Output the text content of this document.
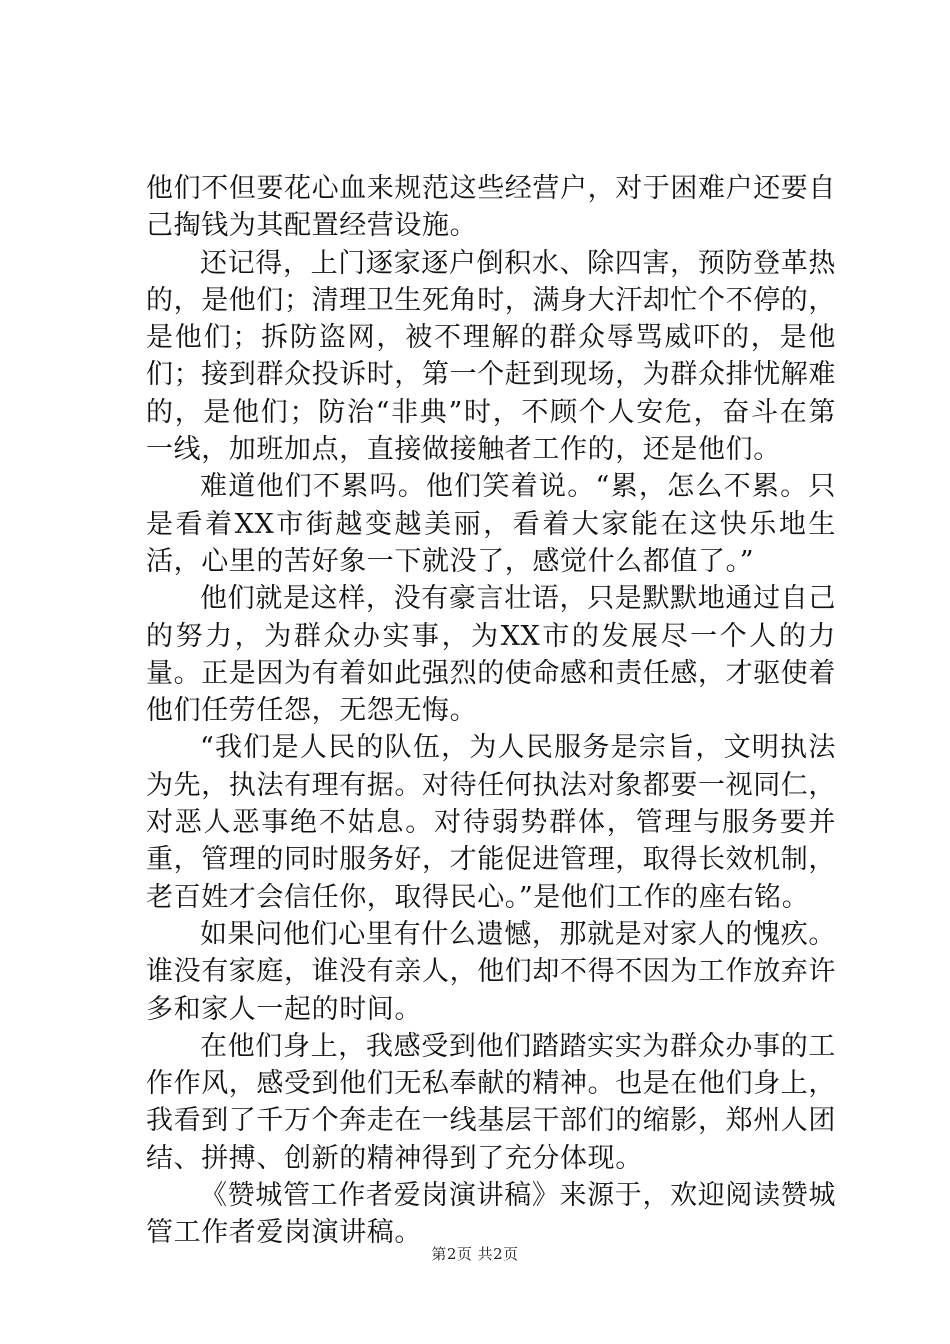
他们不但要花心血来规范这些经营户，对于困难户还要自己掏钱为其配置经营设施。

还记得，上门逐家逐户倒积水、除四害，预防登革热的，是他们；清理卫生死角时，满身大汗却忙个不停的，是他们；拆防盗网，被不理解的群众辱骂威吓的，是他们；接到群众投诉时，第一个赶到现场，为群众排忧解难的，是他们；防治“非典”时，不顾个人安危，奋斗在第一线，加班加点，直接做接触者工作的，还是他们。

难道他们不累吗。他们笑着说。“累，怎么不累。只是看着XX市街越变越美丽，看着大家能在这快乐地生活，心里的苦好象一下就没了，感觉什么都值了。”

他们就是这样，没有豪言壮语，只是默默地通过自己的努力，为群众办实事，为XX市的发展尽一个人的力量。正是因为有着如此强烈的使命感和责任感，才驱使着他们任劳任怨，无怨无悔。

“我们是人民的队伍，为人民服务是宗旨，文明执法为先，执法有理有据。对待任何执法对象都要一视同仁，对恶人恶事绝不姑息。对待弱势群体，管理与服务要并重，管理的同时服务好，才能促进管理，取得长效机制，老百姓才会信任你，取得民心。”是他们工作的座右铭。

如果问他们心里有什么遗憾，那就是对家人的愧疚。谁没有家庭，谁没有亲人，他们却不得不因为工作放弃许多和家人一起的时间。

在他们身上，我感受到他们踏踏实实为群众办事的工作作风，感受到他们无私奉献的精神。也是在他们身上，我看到了千万个奔走在一线基层干部们的缩影，郑州人团结、拼搏、创新的精神得到了充分体现。

《赞城管工作者爱岗演讲稿》来源于，欢迎阅读赞城管工作者爱岗演讲稿。

第2页 共2页
